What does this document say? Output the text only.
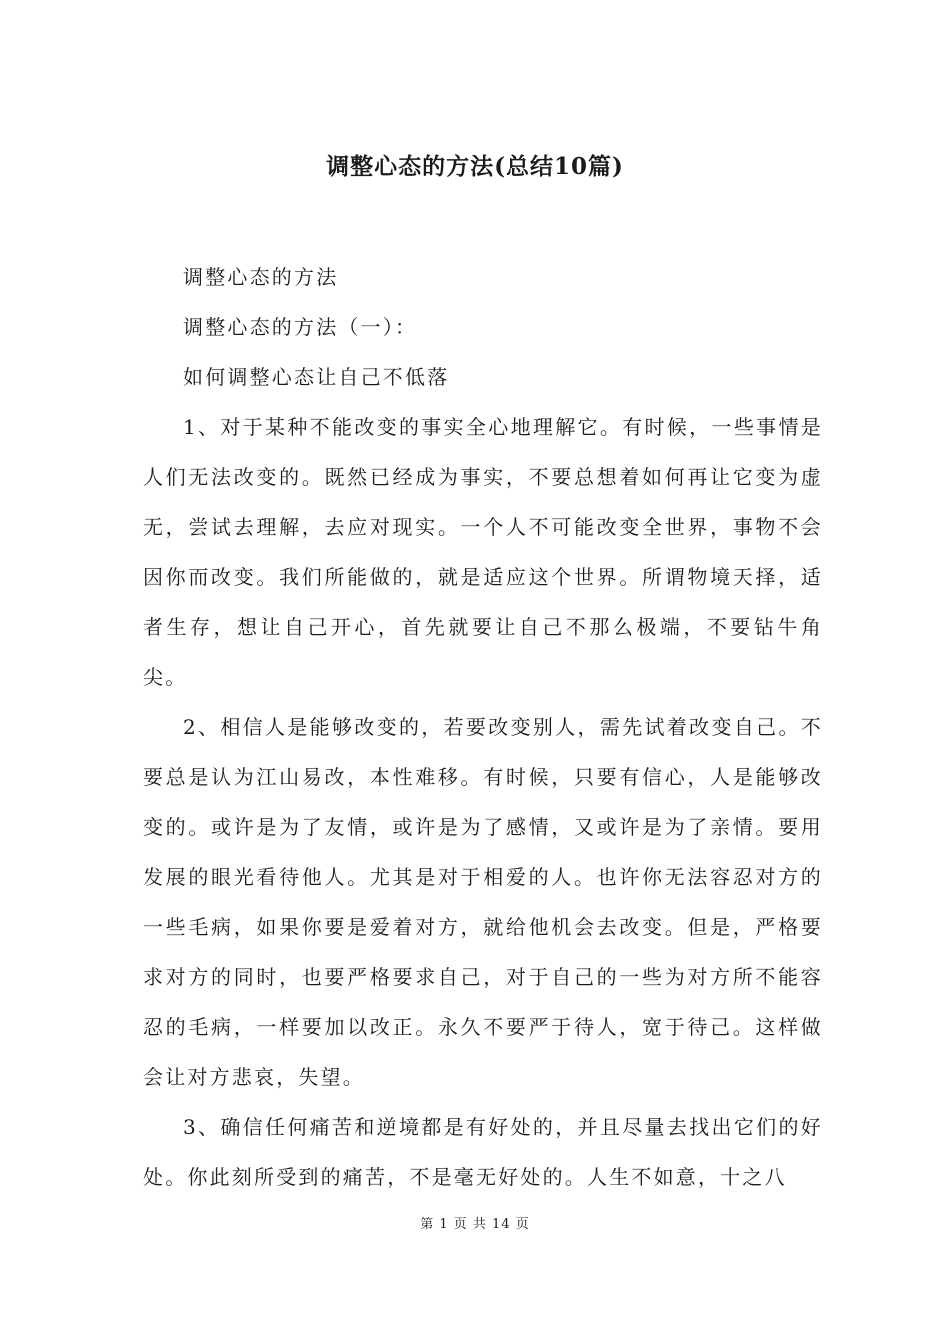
调整心态的方法(总结10篇)

调整心态的方法

调整心态的方法（一）：

如何调整心态让自己不低落

1、对于某种不能改变的事实全心地理解它。有时候，一些事情是人们无法改变的。既然已经成为事实，不要总想着如何再让它变为虚无，尝试去理解，去应对现实。一个人不可能改变全世界，事物不会因你而改变。我们所能做的，就是适应这个世界。所谓物境天择，适者生存，想让自己开心，首先就要让自己不那么极端，不要钻牛角尖。

2、相信人是能够改变的，若要改变别人，需先试着改变自己。不要总是认为江山易改，本性难移。有时候，只要有信心，人是能够改变的。或许是为了友情，或许是为了感情，又或许是为了亲情。要用发展的眼光看待他人。尤其是对于相爱的人。也许你无法容忍对方的一些毛病，如果你要是爱着对方，就给他机会去改变。但是，严格要求对方的同时，也要严格要求自己，对于自己的一些为对方所不能容忍的毛病，一样要加以改正。永久不要严于待人，宽于待己。这样做会让对方悲哀，失望。

3、确信任何痛苦和逆境都是有好处的，并且尽量去找出它们的好处。你此刻所受到的痛苦，不是毫无好处的。人生不如意，十之八

第 1 页 共 14 页
